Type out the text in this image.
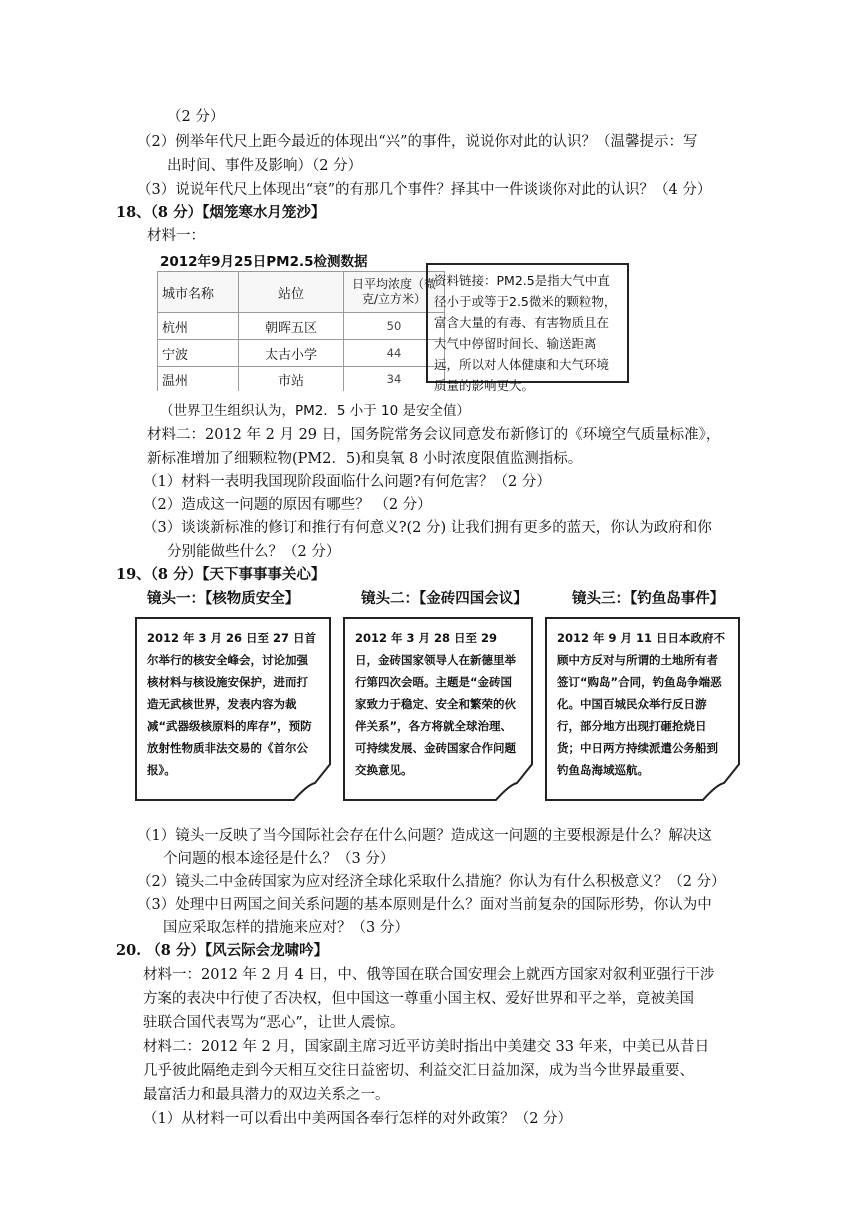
（2 分）
（2）例举年代尺上距今最近的体现出“兴”的事件，说说你对此的认识？（温馨提示：写
出时间、事件及影响）（2 分）
（3）说说年代尺上体现出“衰”的有那几个事件？择其中一件谈谈你对此的认识？（4 分）
18、（8 分）【烟笼寒水月笼沙】
材料一：
2012年9月25日PM2.5检测数据
城市名称	站位	日平均浓度（微克/立方米）
杭州	朝晖五区	50
宁波	太古小学	44
温州	市站	34
资料链接：PM2.5是指大气中直径小于或等于2.5微米的颗粒物，富含大量的有毒、有害物质且在大气中停留时间长、输送距离远，所以对人体健康和大气环境质量的影响更大。
（世界卫生组织认为，PM2．5 小于 10 是安全值）
材料二：2012 年 2 月 29 日，国务院常务会议同意发布新修订的《环境空气质量标准》，
新标准增加了细颗粒物(PM2．5)和臭氧 8 小时浓度限值监测指标。
（1）材料一表明我国现阶段面临什么问题?有何危害？（2 分）
（2）造成这一问题的原因有哪些？ （2 分）
（3）谈谈新标准的修订和推行有何意义?(2 分) 让我们拥有更多的蓝天，你认为政府和你
分别能做些什么？（2 分）
19、（8 分）【天下事事事关心】
镜头一：【核物质安全】	镜头二：【金砖四国会议】	镜头三：【钓鱼岛事件】
2012 年 3 月 26 日至 27 日首尔举行的核安全峰会，讨论加强核材料与核设施安保护，进而打造无武核世界，发表内容为裁减“武器级核原料的库存”，预防放射性物质非法交易的《首尔公报》。
2012 年 3 月 28 日至 29 日，金砖国家领导人在新德里举行第四次会晤。主题是“金砖国家致力于稳定、安全和繁荣的伙伴关系”，各方将就全球治理、可持续发展、金砖国家合作问题交换意见。
2012 年 9 月 11 日日本政府不顾中方反对与所谓的土地所有者签订“购岛”合同，钓鱼岛争端恶化。中国百城民众举行反日游行，部分地方出现打砸抢烧日货；中日两方持续派遣公务船到钓鱼岛海域巡航。
（1）镜头一反映了当今国际社会存在什么问题？造成这一问题的主要根源是什么？解决这
个问题的根本途径是什么？（3 分）
（2）镜头二中金砖国家为应对经济全球化采取什么措施？你认为有什么积极意义？（2 分）
（3）处理中日两国之间关系问题的基本原则是什么？面对当前复杂的国际形势，你认为中
国应采取怎样的措施来应对？（3 分）
20. （8 分）【风云际会龙啸吟】
材料一：2012 年 2 月 4 日，中、俄等国在联合国安理会上就西方国家对叙利亚强行干涉
方案的表决中行使了否决权，但中国这一尊重小国主权、爱好世界和平之举，竟被美国
驻联合国代表骂为“恶心”，让世人震惊。
材料二：2012 年 2 月，国家副主席习近平访美时指出中美建交 33 年来，中美已从昔日
几乎彼此隔绝走到今天相互交往日益密切、利益交汇日益加深，成为当今世界最重要、
最富活力和最具潜力的双边关系之一。
（1）从材料一可以看出中美两国各奉行怎样的对外政策？（2 分）
